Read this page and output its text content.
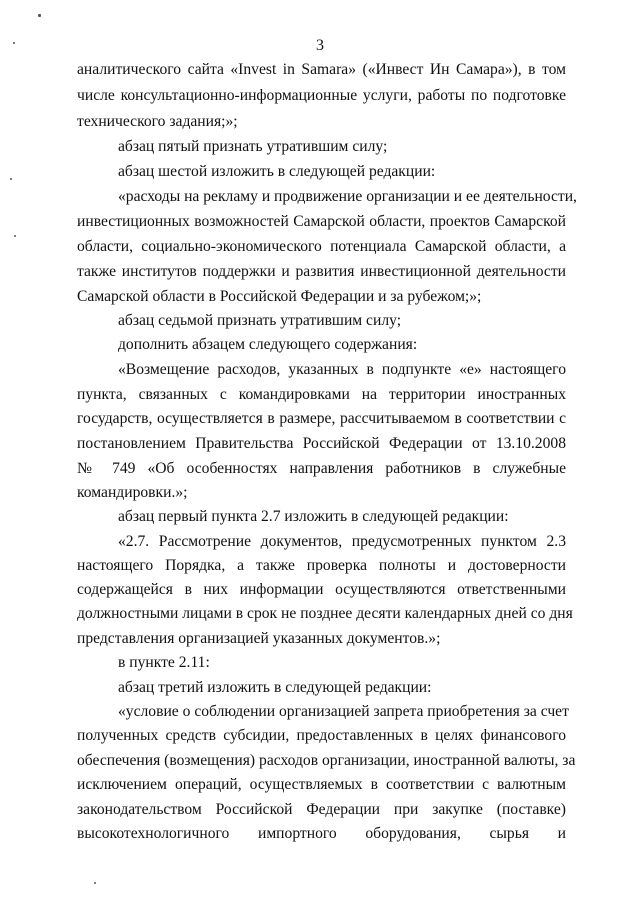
3
аналитического сайта «Invest in Samara» («Инвест Ин Самара»), в том
числе консультационно-информационные услуги, работы по подготовке
технического задания;»;
абзац пятый признать утратившим силу;
абзац шестой изложить в следующей редакции:
«расходы на рекламу и продвижение организации и ее деятельности,
инвестиционных возможностей Самарской области, проектов Самарской
области, социально-экономического потенциала Самарской области, а
также институтов поддержки и развития инвестиционной деятельности
Самарской области в Российской Федерации и за рубежом;»;
абзац седьмой признать утратившим силу;
дополнить абзацем следующего содержания:
«Возмещение расходов, указанных в подпункте «е» настоящего
пункта, связанных с командировками на территории иностранных
государств, осуществляется в размере, рассчитываемом в соответствии с
постановлением Правительства Российской Федерации от 13.10.2008
№ 749 «Об особенностях направления работников в служебные
командировки.»;
абзац первый пункта 2.7 изложить в следующей редакции:
«2.7. Рассмотрение документов, предусмотренных пунктом 2.3
настоящего Порядка, а также проверка полноты и достоверности
содержащейся в них информации осуществляются ответственными
должностными лицами в срок не позднее десяти календарных дней со дня
представления организацией указанных документов.»;
в пункте 2.11:
абзац третий изложить в следующей редакции:
«условие о соблюдении организацией запрета приобретения за счет
полученных средств субсидии, предоставленных в целях финансового
обеспечения (возмещения) расходов организации, иностранной валюты, за
исключением операций, осуществляемых в соответствии с валютным
законодательством Российской Федерации при закупке (поставке)
высокотехнологичного импортного оборудования, сырья и
